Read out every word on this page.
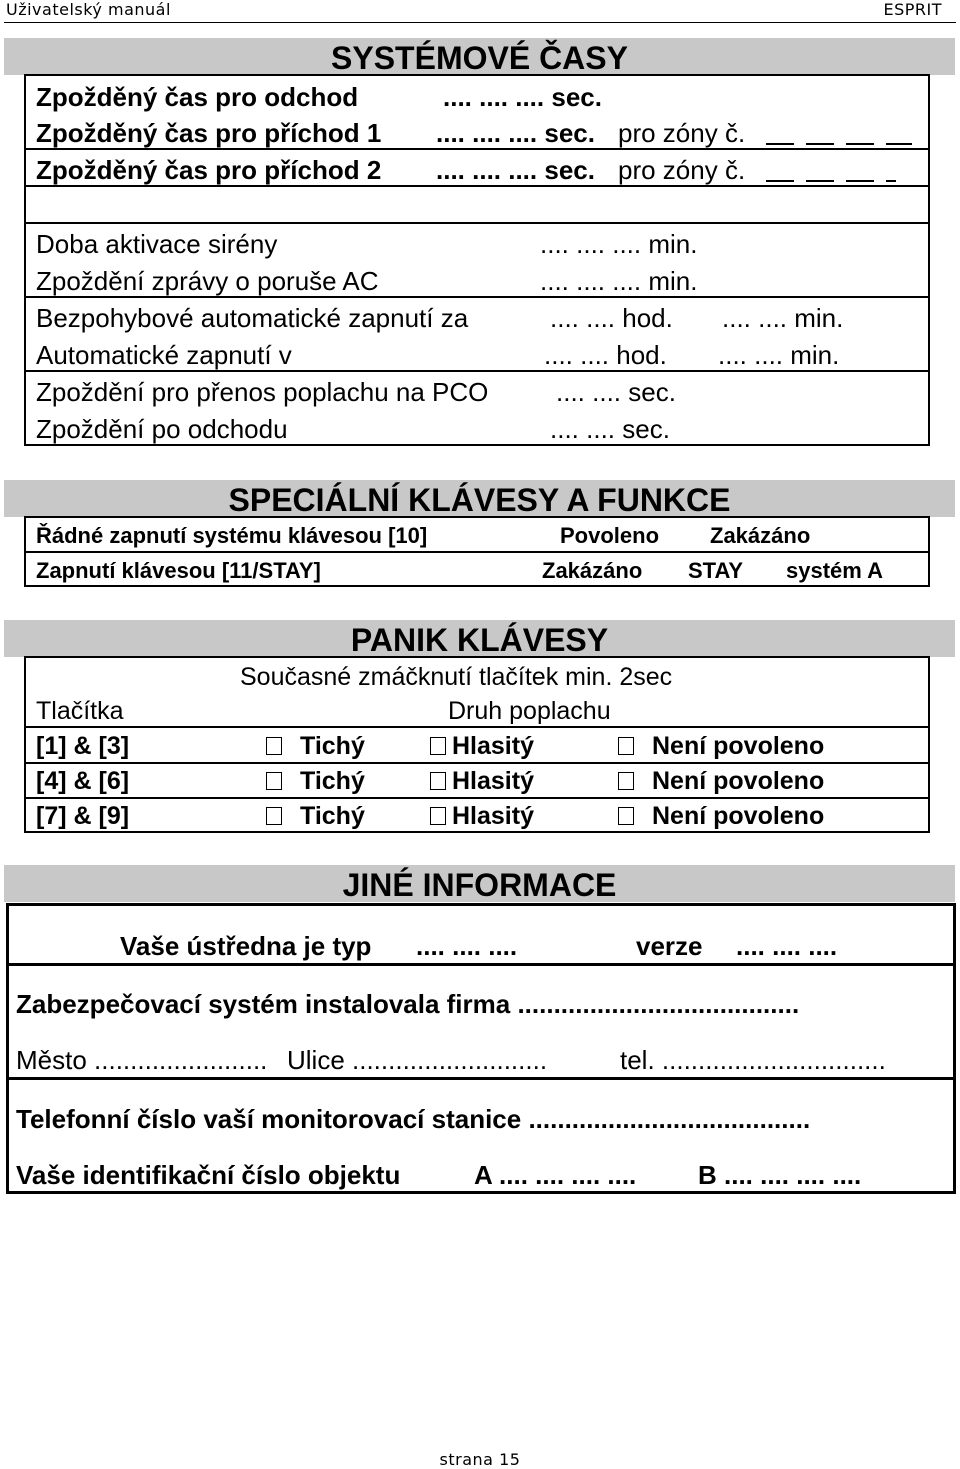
Uživatelský manuál	ESPRIT
SYSTÉMOVÉ ČASY
Zpožděný čas pro odchod	.... .... .... sec.
Zpožděný čas pro příchod 1 .... .... .... sec. pro zóny č.
Zpožděný čas pro příchod 2 .... .... .... sec. pro zóny č.
Doba aktivace sirény	.... .... .... min.
Zpoždění zprávy o poruše AC	.... .... .... min.
Bezpohybové automatické zapnutí za	.... .... hod. .... .... min.
Automatické zapnutí v	.... .... hod. .... .... min.
Zpoždění pro přenos poplachu na PCO	.... .... sec.
Zpoždění po odchodu	.... .... sec.
SPECIÁLNÍ KLÁVESY A FUNKCE
Řádné zapnutí systému klávesou [10]	Povoleno Zakázáno
Zapnutí klávesou [11/STAY]	Zakázáno STAY systém A
PANIK KLÁVESY
Současné zmáčknutí tlačítek min. 2sec
Tlačítka	Druh poplachu
[1] & [3]	Tichý	Hlasitý	Není povoleno
[4] & [6]	Tichý	Hlasitý	Není povoleno
[7] & [9]	Tichý	Hlasitý	Není povoleno
JINÉ INFORMACE
Vaše ústředna je typ .... .... ....	verze .... .... ....
Zabezpečovací systém instalovala firma .......................................
Město ........................ Ulice ...........................	tel. ...............................
Telefonní číslo vaší monitorovací stanice .......................................
Vaše identifikační číslo objektu	A .... .... .... .... B .... .... .... ....
strana 15
